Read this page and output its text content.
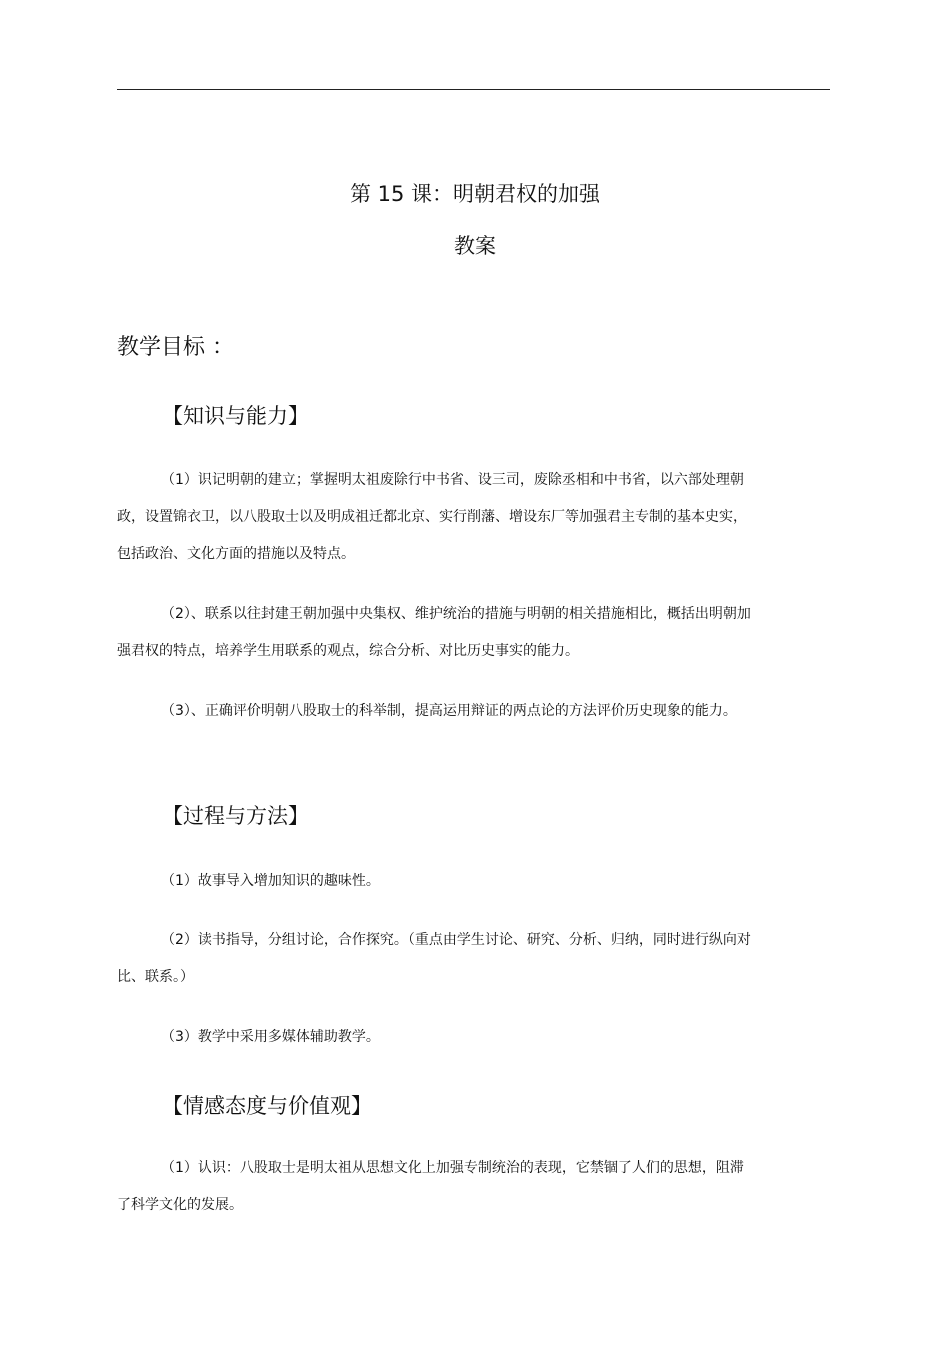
第 15 课：明朝君权的加强
教案
教学目标 ：
【知识与能力】

（1）识记明朝的建立；掌握明太祖废除行中书省、设三司，废除丞相和中书省，以六部处理朝政，设置锦衣卫，以八股取士以及明成祖迁都北京、实行削藩、增设东厂等加强君主专制的基本史实，包括政治、文化方面的措施以及特点。

（2）、联系以往封建王朝加强中央集权、维护统治的措施与明朝的相关措施相比，概括出明朝加强君权的特点，培养学生用联系的观点，综合分析、对比历史事实的能力。

（3）、正确评价明朝八股取士的科举制，提高运用辩证的两点论的方法评价历史现象的能力。

【过程与方法】

（1）故事导入增加知识的趣味性。

（2）读书指导，分组讨论，合作探究。（重点由学生讨论、研究、分析、归纳，同时进行纵向对比、联系。）

（3）教学中采用多媒体辅助教学。

【情感态度与价值观】

（1）认识：八股取士是明太祖从思想文化上加强专制统治的表现，它禁锢了人们的思想，阻滞了科学文化的发展。
